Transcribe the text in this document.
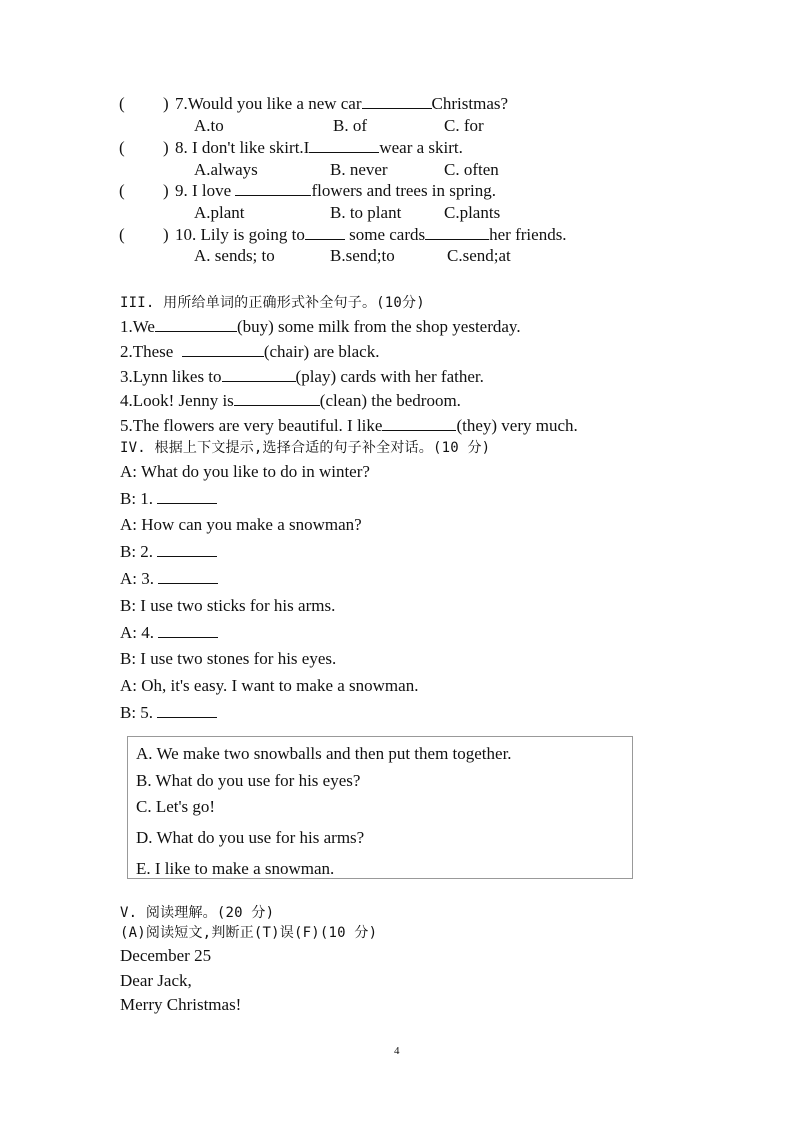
( ) 7.Would you like a new car	Christmas?
A.to	B. of	C. for
( ) 8. I don't like skirt.I	wear a skirt.
A.always	B. never	C. often
( ) 9. I love	flowers and trees in spring.
A.plant	B. to plant	C.plants
( ) 10. Lily is going to	some cards	her friends.
A. sends; to	B.send;to	C.send;at
III. 用所给单词的正确形式补全句子。(10分)
1.We	(buy) some milk from the shop yesterday.
2.These	(chair) are black.
3.Lynn likes to	(play) cards with her father.
4.Look! Jenny is	(clean) the bedroom.
5.The flowers are very beautiful. I like	(they) very much.
IV. 根据上下文提示,选择合适的句子补全对话。(10 分)
A: What do you like to do in winter?
B: 1.
A: How can you make a snowman?
B: 2.
A: 3.
B: I use two sticks for his arms.
A: 4.
B: I use two stones for his eyes.
A: Oh, it's easy. I want to make a snowman.
B: 5.
A. We make two snowballs and then put them together.
B. What do you use for his eyes?
C. Let's go!
D. What do you use for his arms?
E. I like to make a snowman.
V. 阅读理解。(20 分)
(A)阅读短文,判断正(T)误(F)(10 分)
December 25
Dear Jack,
Merry Christmas!
4
